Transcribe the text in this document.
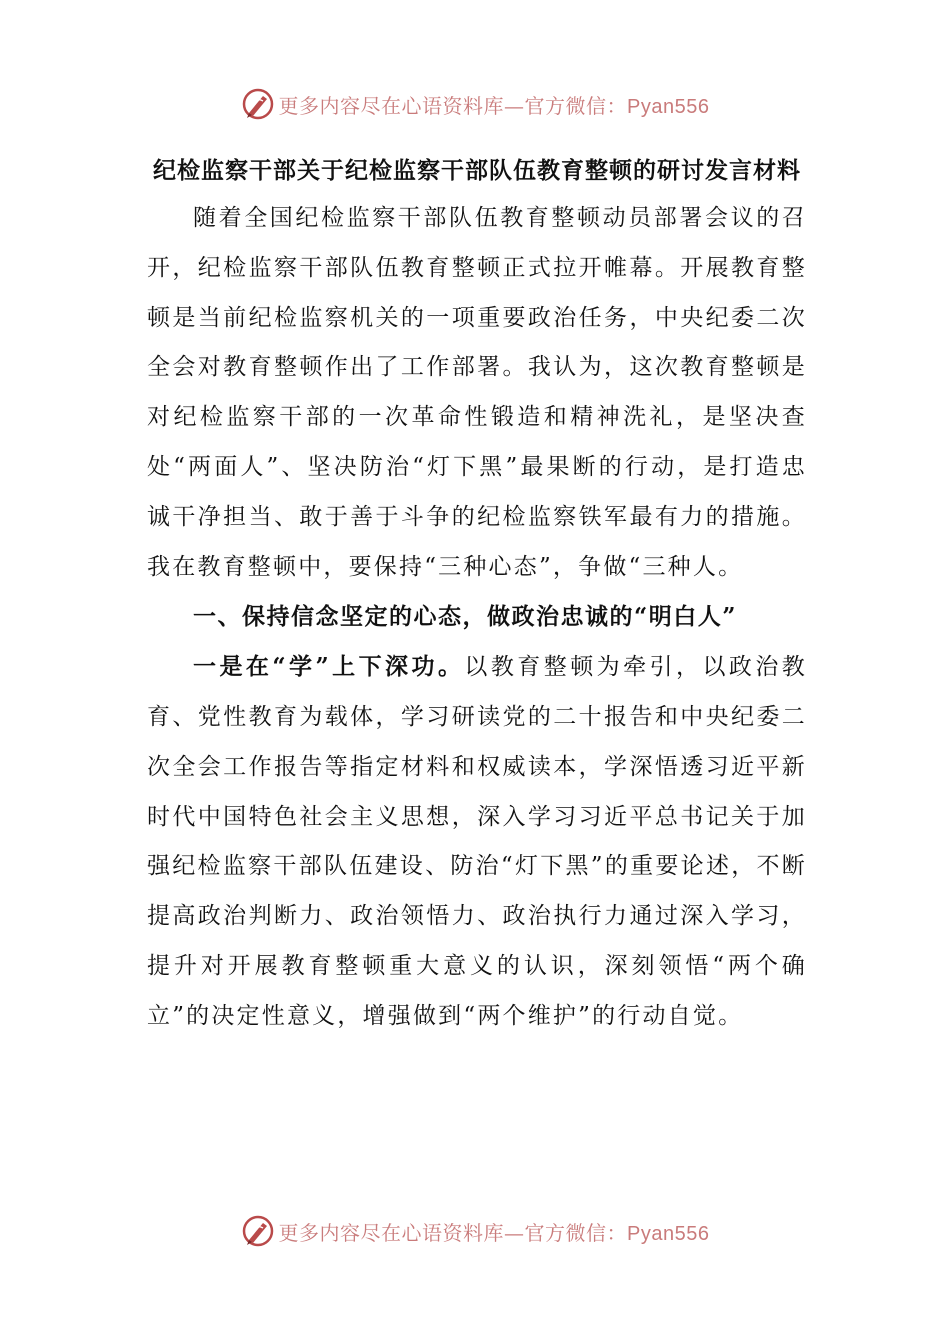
更多内容尽在心语资料库—官方微信：Pyan556
纪检监察干部关于纪检监察干部队伍教育整顿的研讨发言材料

随着全国纪检监察干部队伍教育整顿动员部署会议的召开，纪检监察干部队伍教育整顿正式拉开帷幕。开展教育整顿是当前纪检监察机关的一项重要政治任务，中央纪委二次全会对教育整顿作出了工作部署。我认为，这次教育整顿是对纪检监察干部的一次革命性锻造和精神洗礼，是坚决查处“两面人”、坚决防治“灯下黑”最果断的行动，是打造忠诚干净担当、敢于善于斗争的纪检监察铁军最有力的措施。我在教育整顿中，要保持“三种心态”，争做“三种人。

一、保持信念坚定的心态，做政治忠诚的“明白人”

一是在“学”上下深功。以教育整顿为牵引，以政治教育、党性教育为载体，学习研读党的二十报告和中央纪委二次全会工作报告等指定材料和权威读本，学深悟透习近平新时代中国特色社会主义思想，深入学习习近平总书记关于加强纪检监察干部队伍建设、防治“灯下黑”的重要论述，不断提高政治判断力、政治领悟力、政治执行力通过深入学习，提升对开展教育整顿重大意义的认识，深刻领悟“两个确立”的决定性意义，增强做到“两个维护”的行动自觉。

更多内容尽在心语资料库—官方微信：Pyan556
